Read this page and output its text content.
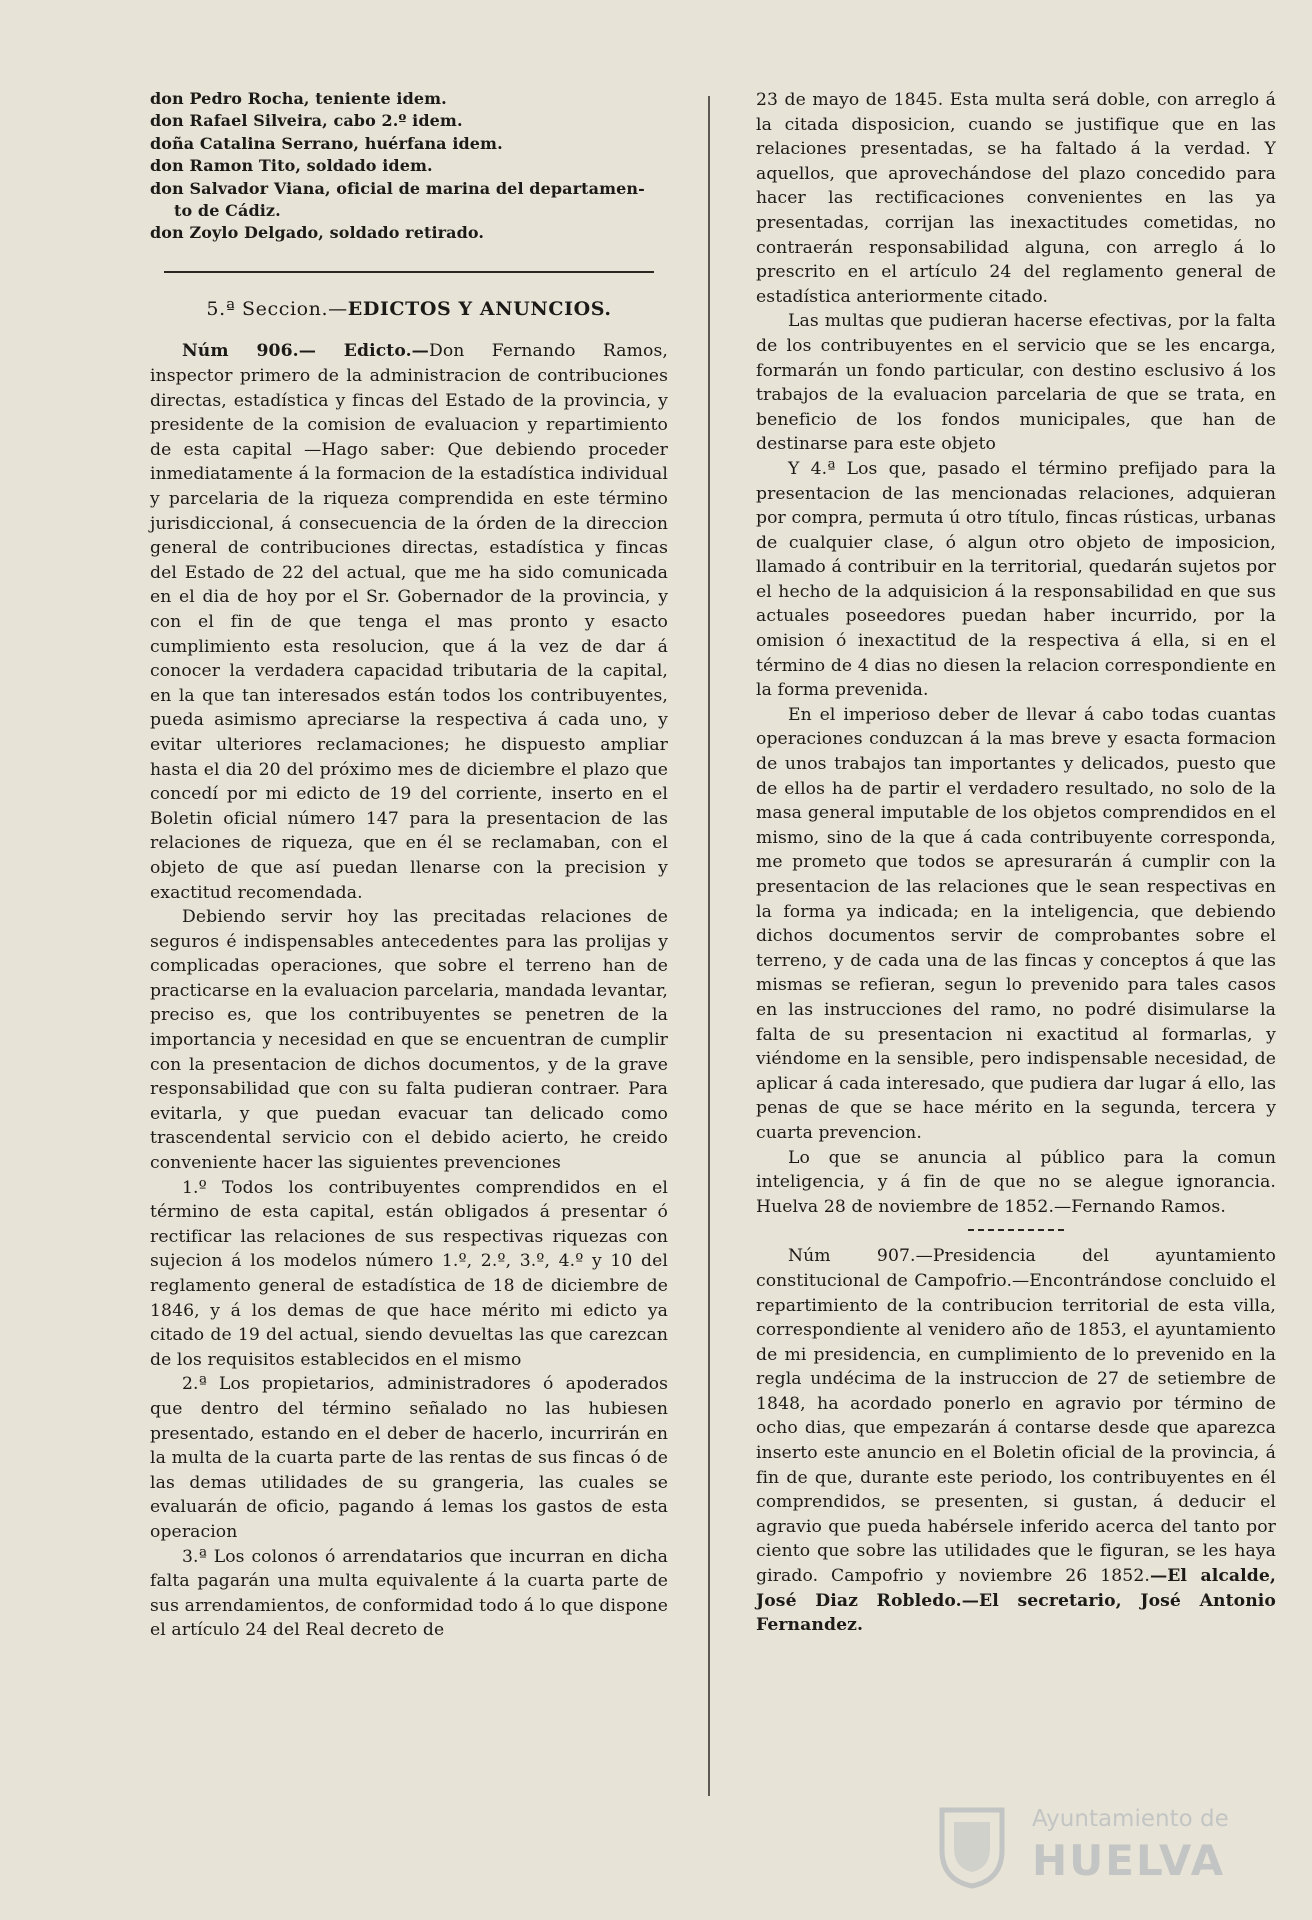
don Pedro Rocha, teniente idem.

don Rafael Silveira, cabo 2.º idem.

doña Catalina Serrano, huérfana idem.

don Ramon Tito, soldado idem.

don Salvador Viana, oficial de marina del departamen-

to de Cádiz.

don Zoylo Delgado, soldado retirado.

5.ª Seccion.—EDICTOS Y ANUNCIOS.

Núm 906.— Edicto.—Don Fernando Ramos, inspector primero de la administracion de contribuciones directas, estadística y fincas del Estado de la provincia, y presidente de la comision de evaluacion y repartimiento de esta capital —Hago saber: Que debiendo proceder inmediatamente á la formacion de la estadística individual y parcelaria de la riqueza comprendida en este término jurisdiccional, á consecuencia de la órden de la direccion general de contribuciones directas, estadística y fincas del Estado de 22 del actual, que me ha sido comunicada en el dia de hoy por el Sr. Gobernador de la provincia, y con el fin de que tenga el mas pronto y esacto cumplimiento esta resolucion, que á la vez de dar á conocer la verdadera capacidad tributaria de la capital, en la que tan interesados están todos los contribuyentes, pueda asimismo apreciarse la respectiva á cada uno, y evitar ulteriores reclamaciones; he dispuesto ampliar hasta el dia 20 del próximo mes de diciembre el plazo que concedí por mi edicto de 19 del corriente, inserto en el Boletin oficial número 147 para la presentacion de las relaciones de riqueza, que en él se reclamaban, con el objeto de que así puedan llenarse con la precision y exactitud recomendada.

Debiendo servir hoy las precitadas relaciones de seguros é indispensables antecedentes para las prolijas y complicadas operaciones, que sobre el terreno han de practicarse en la evaluacion parcelaria, mandada levantar, preciso es, que los contribuyentes se penetren de la importancia y necesidad en que se encuentran de cumplir con la presentacion de dichos documentos, y de la grave responsabilidad que con su falta pudieran contraer. Para evitarla, y que puedan evacuar tan delicado como trascendental servicio con el debido acierto, he creido conveniente hacer las siguientes prevenciones

1.º Todos los contribuyentes comprendidos en el término de esta capital, están obligados á presentar ó rectificar las relaciones de sus respectivas riquezas con sujecion á los modelos número 1.º, 2.º, 3.º, 4.º y 10 del reglamento general de estadística de 18 de diciembre de 1846, y á los demas de que hace mérito mi edicto ya citado de 19 del actual, siendo devueltas las que carezcan de los requisitos establecidos en el mismo

2.ª Los propietarios, administradores ó apoderados que dentro del término señalado no las hubiesen presentado, estando en el deber de hacerlo, incurrirán en la multa de la cuarta parte de las rentas de sus fincas ó de las demas utilidades de su grangeria, las cuales se evaluarán de oficio, pagando á lemas los gastos de esta operacion

3.ª Los colonos ó arrendatarios que incurran en dicha falta pagarán una multa equivalente á la cuarta parte de sus arrendamientos, de conformidad todo á lo que dispone el artículo 24 del Real decreto de

23 de mayo de 1845. Esta multa será doble, con arreglo á la citada disposicion, cuando se justifique que en las relaciones presentadas, se ha faltado á la verdad. Y aquellos, que aprovechándose del plazo concedido para hacer las rectificaciones convenientes en las ya presentadas, corrijan las inexactitudes cometidas, no contraerán responsabilidad alguna, con arreglo á lo prescrito en el artículo 24 del reglamento general de estadística anteriormente citado.

Las multas que pudieran hacerse efectivas, por la falta de los contribuyentes en el servicio que se les encarga, formarán un fondo particular, con destino esclusivo á los trabajos de la evaluacion parcelaria de que se trata, en beneficio de los fondos municipales, que han de destinarse para este objeto

Y 4.ª Los que, pasado el término prefijado para la presentacion de las mencionadas relaciones, adquieran por compra, permuta ú otro título, fincas rústicas, urbanas de cualquier clase, ó algun otro objeto de imposicion, llamado á contribuir en la territorial, quedarán sujetos por el hecho de la adquisicion á la responsabilidad en que sus actuales poseedores puedan haber incurrido, por la omision ó inexactitud de la respectiva á ella, si en el término de 4 dias no diesen la relacion correspondiente en la forma prevenida.

En el imperioso deber de llevar á cabo todas cuantas operaciones conduzcan á la mas breve y esacta formacion de unos trabajos tan importantes y delicados, puesto que de ellos ha de partir el verdadero resultado, no solo de la masa general imputable de los objetos comprendidos en el mismo, sino de la que á cada contribuyente corresponda, me prometo que todos se apresurarán á cumplir con la presentacion de las relaciones que le sean respectivas en la forma ya indicada; en la inteligencia, que debiendo dichos documentos servir de comprobantes sobre el terreno, y de cada una de las fincas y conceptos á que las mismas se refieran, segun lo prevenido para tales casos en las instrucciones del ramo, no podré disimularse la falta de su presentacion ni exactitud al formarlas, y viéndome en la sensible, pero indispensable necesidad, de aplicar á cada interesado, que pudiera dar lugar á ello, las penas de que se hace mérito en la segunda, tercera y cuarta prevencion.

Lo que se anuncia al público para la comun inteligencia, y á fin de que no se alegue ignorancia. Huelva 28 de noviembre de 1852.—Fernando Ramos.

Núm 907.—Presidencia del ayuntamiento constitucional de Campofrio.—Encontrándose concluido el repartimiento de la contribucion territorial de esta villa, correspondiente al venidero año de 1853, el ayuntamiento de mi presidencia, en cumplimiento de lo prevenido en la regla undécima de la instruccion de 27 de setiembre de 1848, ha acordado ponerlo en agravio por término de ocho dias, que empezarán á contarse desde que aparezca inserto este anuncio en el Boletin oficial de la provincia, á fin de que, durante este periodo, los contribuyentes en él comprendidos, se presenten, si gustan, á deducir el agravio que pueda habérsele inferido acerca del tanto por ciento que sobre las utilidades que le figuran, se les haya girado. Campofrio y noviembre 26 1852.—El alcalde, José Diaz Robledo.—El secretario, José Antonio Fernandez.

Ayuntamiento de
HUELVA
